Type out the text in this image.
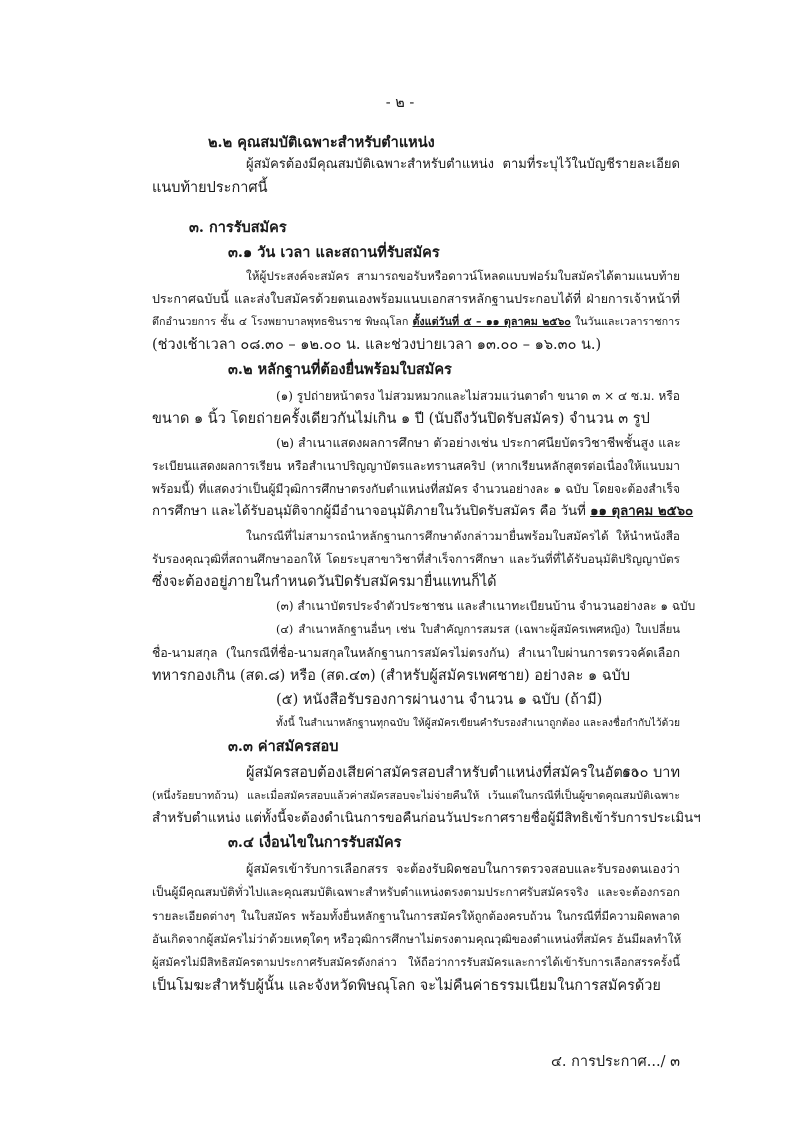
- ๒ -
๒.๒ คุณสมบัติเฉพาะสำหรับตำแหน่ง
ผู้สมัครต้องมีคุณสมบัติเฉพาะสำหรับตำแหน่ง ตามที่ระบุไว้ในบัญชีรายละเอียด
แนบท้ายประกาศนี้
๓. การรับสมัคร
๓.๑ วัน เวลา และสถานที่รับสมัคร
ให้ผู้ประสงค์จะสมัคร สามารถขอรับหรือดาวน์โหลดแบบฟอร์มใบสมัครได้ตามแนบท้าย
ประกาศฉบับนี้ และส่งใบสมัครด้วยตนเองพร้อมแนบเอกสารหลักฐานประกอบได้ที่ ฝ่ายการเจ้าหน้าที่
ตึกอำนวยการ ชั้น ๔ โรงพยาบาลพุทธชินราช พิษณุโลก ตั้งแต่วันที่ ๕ – ๑๑ ตุลาคม ๒๕๖๐ ในวันและเวลาราชการ
(ช่วงเช้าเวลา ๐๘.๓๐ – ๑๒.๐๐ น. และช่วงบ่ายเวลา ๑๓.๐๐ – ๑๖.๓๐ น.)
๓.๒ หลักฐานที่ต้องยื่นพร้อมใบสมัคร
(๑) รูปถ่ายหน้าตรง ไม่สวมหมวกและไม่สวมแว่นตาดำ ขนาด ๓ × ๔ ซ.ม. หรือ
ขนาด ๑ นิ้ว โดยถ่ายครั้งเดียวกันไม่เกิน ๑ ปี (นับถึงวันปิดรับสมัคร) จำนวน ๓ รูป
(๒) สำเนาแสดงผลการศึกษา ตัวอย่างเช่น ประกาศนียบัตรวิชาชีพชั้นสูง และ
ระเบียนแสดงผลการเรียน หรือสำเนาปริญญาบัตรและทรานสคริป (หากเรียนหลักสูตรต่อเนื่องให้แนบมา
พร้อมนี้) ที่แสดงว่าเป็นผู้มีวุฒิการศึกษาตรงกับตำแหน่งที่สมัคร จำนวนอย่างละ ๑ ฉบับ โดยจะต้องสำเร็จ
การศึกษา และได้รับอนุมัติจากผู้มีอำนาจอนุมัติภายในวันปิดรับสมัคร คือ วันที่ ๑๑ ตุลาคม ๒๕๖๐
ในกรณีที่ไม่สามารถนำหลักฐานการศึกษาดังกล่าวมายื่นพร้อมใบสมัครได้ ให้นำหนังสือ
รับรองคุณวุฒิที่สถานศึกษาออกให้ โดยระบุสาขาวิชาที่สำเร็จการศึกษา และวันที่ที่ได้รับอนุมัติปริญญาบัตร
ซึ่งจะต้องอยู่ภายในกำหนดวันปิดรับสมัครมายื่นแทนก็ได้
(๓) สำเนาบัตรประจำตัวประชาชน และสำเนาทะเบียนบ้าน จำนวนอย่างละ ๑ ฉบับ
(๔) สำเนาหลักฐานอื่นๆ เช่น ใบสำคัญการสมรส (เฉพาะผู้สมัครเพศหญิง) ใบเปลี่ยน
ชื่อ-นามสกุล (ในกรณีที่ชื่อ-นามสกุลในหลักฐานการสมัครไม่ตรงกัน) สำเนาใบผ่านการตรวจคัดเลือก
ทหารกองเกิน (สด.๘) หรือ (สด.๔๓) (สำหรับผู้สมัครเพศชาย) อย่างละ ๑ ฉบับ
(๕) หนังสือรับรองการผ่านงาน จำนวน ๑ ฉบับ (ถ้ามี)
ทั้งนี้ ในสำเนาหลักฐานทุกฉบับ ให้ผู้สมัครเขียนคำรับรองสำเนาถูกต้อง และลงชื่อกำกับไว้ด้วย
๓.๓ ค่าสมัครสอบ
ผู้สมัครสอบต้องเสียค่าสมัครสอบสำหรับตำแหน่งที่สมัครในอัตรา
๑๐๐ บาท
(หนึ่งร้อยบาทถ้วน) และเมื่อสมัครสอบแล้วค่าสมัครสอบจะไม่จ่ายคืนให้ เว้นแต่ในกรณีที่เป็นผู้ขาดคุณสมบัติเฉพาะ
สำหรับตำแหน่ง แต่ทั้งนี้จะต้องดำเนินการขอคืนก่อนวันประกาศรายชื่อผู้มีสิทธิเข้ารับการประเมินฯ
๓.๔ เงื่อนไขในการรับสมัคร
ผู้สมัครเข้ารับการเลือกสรร จะต้องรับผิดชอบในการตรวจสอบและรับรองตนเองว่า
เป็นผู้มีคุณสมบัติทั่วไปและคุณสมบัติเฉพาะสำหรับตำแหน่งตรงตามประกาศรับสมัครจริง และจะต้องกรอก
รายละเอียดต่างๆ ในใบสมัคร พร้อมทั้งยื่นหลักฐานในการสมัครให้ถูกต้องครบถ้วน ในกรณีที่มีความผิดพลาด
อันเกิดจากผู้สมัครไม่ว่าด้วยเหตุใดๆ หรือวุฒิการศึกษาไม่ตรงตามคุณวุฒิของตำแหน่งที่สมัคร อันมีผลทำให้
ผู้สมัครไม่มีสิทธิสมัครตามประกาศรับสมัครดังกล่าว ให้ถือว่าการรับสมัครและการได้เข้ารับการเลือกสรรครั้งนี้
เป็นโมฆะสำหรับผู้นั้น และจังหวัดพิษณุโลก จะไม่คืนค่าธรรมเนียมในการสมัครด้วย
๔. การประกาศ.../ ๓
